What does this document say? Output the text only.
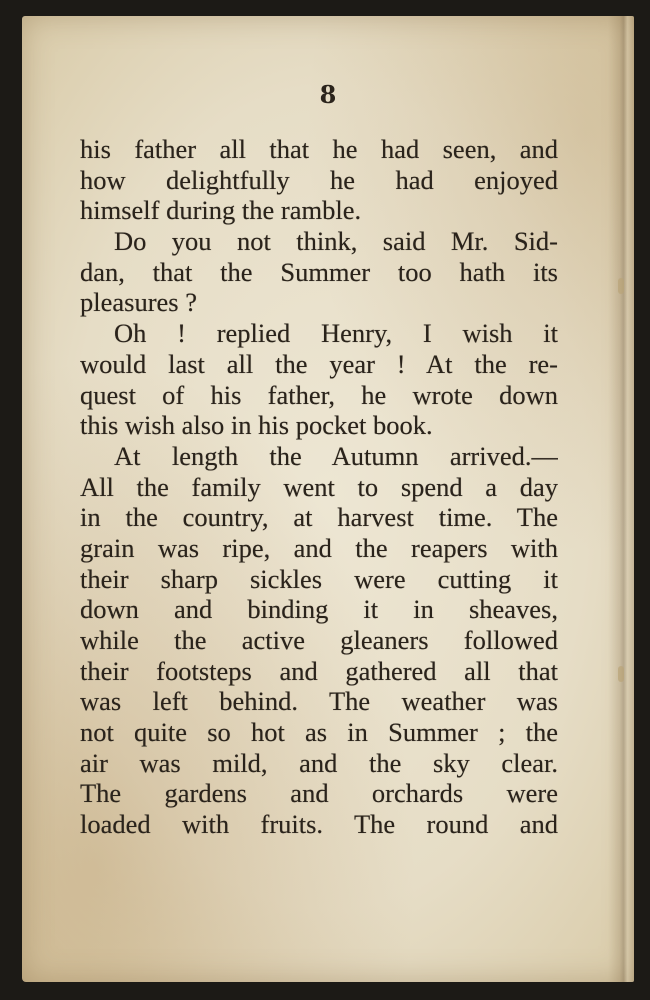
8
his father all that he had seen, and
how delightfully he had enjoyed
himself during the ramble.
Do you not think, said Mr. Sid-
dan, that the Summer too hath its
pleasures ?
Oh ! replied Henry, I wish it
would last all the year ! At the re-
quest of his father, he wrote down
this wish also in his pocket book.
At length the Autumn arrived.—
All the family went to spend a day
in the country, at harvest time. The
grain was ripe, and the reapers with
their sharp sickles were cutting it
down and binding it in sheaves,
while the active gleaners followed
their footsteps and gathered all that
was left behind. The weather was
not quite so hot as in Summer ; the
air was mild, and the sky clear.
The gardens and orchards were
loaded with fruits. The round and
